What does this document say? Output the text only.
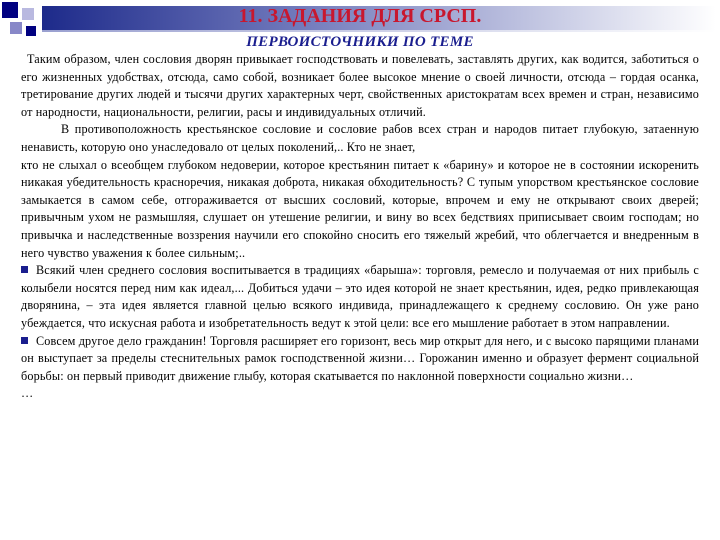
11. ЗАДАНИЯ ДЛЯ СРСП.
ПЕРВОИСТОЧНИКИ ПО ТЕМЕ

Таким образом, член сословия дворян привыкает господствовать и повелевать, заставлять других, как водится, заботиться о его жизненных удобствах, отсюда, само собой, возникает более высокое мнение о своей личности, отсюда – гордая осанка, третирование других людей и тысячи других характерных черт, свойственных аристократам всех времен и стран, независимо от народности, национальности, религии, расы и индивидуальных отличий.

В противоположность крестьянское сословие и сословие рабов всех стран и народов питает глубокую, затаенную ненависть, которую оно унаследовало от целых поколений,.. Кто не знает,

кто не слыхал о всеобщем глубоком недоверии, которое крестьянин питает к «барину» и которое не в состоянии искоренить никакая убедительность красноречия, никакая доброта, никакая обходительность? С тупым упорством крестьянское сословие замыкается в самом себе, отгораживается от высших сословий, которые, впрочем и ему не открывают своих дверей; привычным ухом не размышляя, слушает он утешение религии, и вину во всех бедствиях приписывает своим господам; но привычка и наследственные воззрения научили его спокойно сносить его тяжелый жребий, что облегчается и внедренным в него чувство уважения к более сильным;..

Всякий член среднего сословия воспитывается в традициях «барыша»: торговля, ремесло и получаемая от них прибыль с колыбели носятся перед ним как идеал,... Добиться удачи – это идея которой не знает крестьянин, идея, редко привлекающая дворянина, – эта идея является главной целью всякого индивида, принадлежащего к среднему сословию. Он уже рано убеждается, что искусная работа и изобретательность ведут к этой цели: все его мышление работает в этом направлении.

Совсем другое дело гражданин! Торговля расширяет его горизонт, весь мир открыт для него, и с высоко парящими планами он выступает за пределы стеснительных рамок господственной жизни… Горожанин именно и образует фермент социальной борьбы: он первый приводит движение глыбу, которая скатывается по наклонной поверхности социально жизни…

…
